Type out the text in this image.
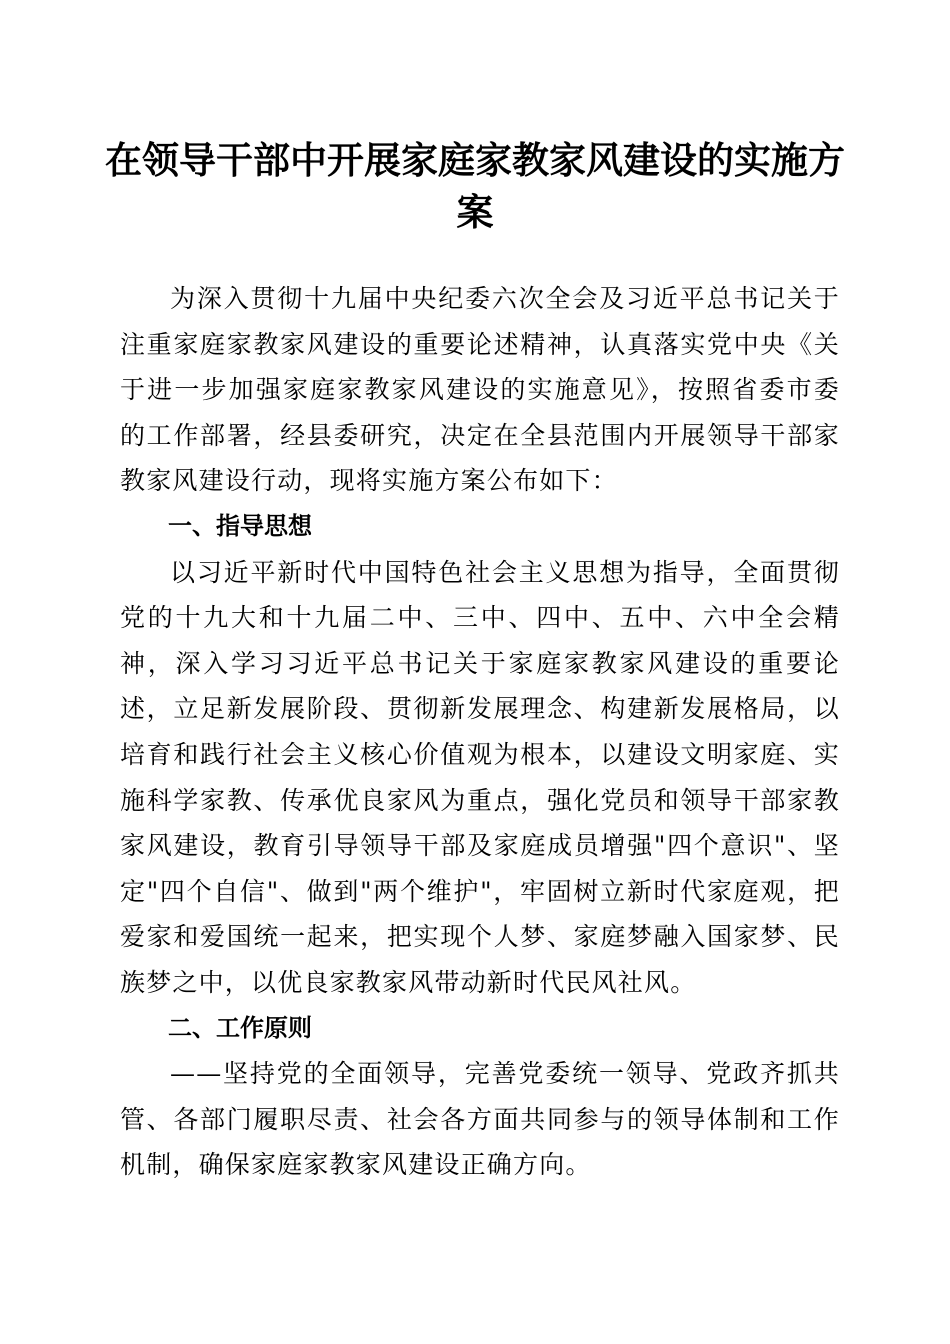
在领导干部中开展家庭家教家风建设的实施方案

为深入贯彻十九届中央纪委六次全会及习近平总书记关于注重家庭家教家风建设的重要论述精神，认真落实党中央《关于进一步加强家庭家教家风建设的实施意见》，按照省委市委的工作部署，经县委研究，决定在全县范围内开展领导干部家教家风建设行动，现将实施方案公布如下：

一、指导思想

以习近平新时代中国特色社会主义思想为指导，全面贯彻党的十九大和十九届二中、三中、四中、五中、六中全会精神，深入学习习近平总书记关于家庭家教家风建设的重要论述，立足新发展阶段、贯彻新发展理念、构建新发展格局，以培育和践行社会主义核心价值观为根本，以建设文明家庭、实施科学家教、传承优良家风为重点，强化党员和领导干部家教家风建设，教育引导领导干部及家庭成员增强"四个意识"、坚定"四个自信"、做到"两个维护"，牢固树立新时代家庭观，把爱家和爱国统一起来，把实现个人梦、家庭梦融入国家梦、民族梦之中，以优良家教家风带动新时代民风社风。

二、工作原则

——坚持党的全面领导，完善党委统一领导、党政齐抓共管、各部门履职尽责、社会各方面共同参与的领导体制和工作机制，确保家庭家教家风建设正确方向。
